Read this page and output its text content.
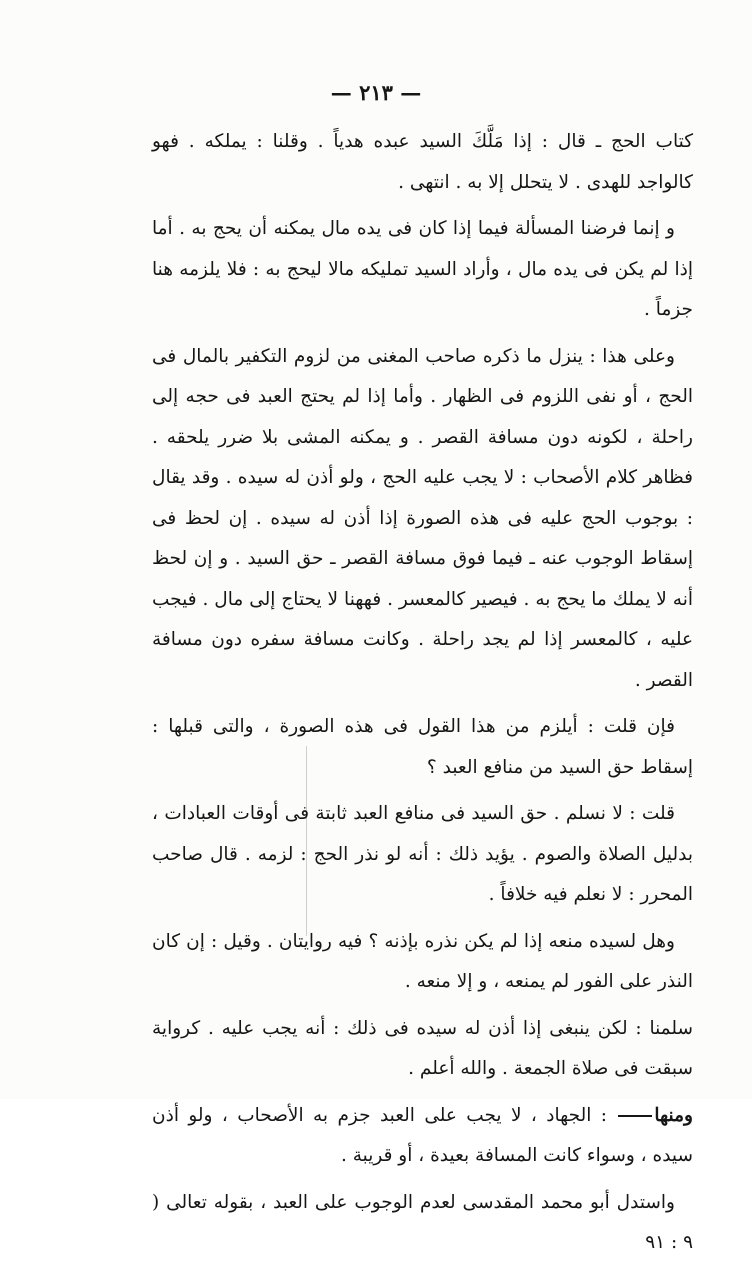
— ٢١٣ —

كتاب الحج ـ قال : إذا مَلَّكَ السيد عبده هدياً . وقلنا : يملكه . فهو كالواجد للهدى . لا يتحلل إلا به . انتهى .

و إنما فرضنا المسألة فيما إذا كان فى يده مال يمكنه أن يحج به . أما إذا لم يكن فى يده مال ، وأراد السيد تمليكه مالا ليحج به : فلا يلزمه هنا جزماً .

وعلى هذا : ينزل ما ذكره صاحب المغنى من لزوم التكفير بالمال فى الحج ، أو نفى اللزوم فى الظهار . وأما إذا لم يحتج العبد فى حجه إلى راحلة ، لكونه دون مسافة القصر . و يمكنه المشى بلا ضرر يلحقه . فظاهر كلام الأصحاب : لا يجب عليه الحج ، ولو أذن له سيده . وقد يقال : بوجوب الحج عليه فى هذه الصورة إذا أذن له سيده . إن لحظ فى إسقاط الوجوب عنه ـ فيما فوق مسافة القصر ـ حق السيد . و إن لحظ أنه لا يملك ما يحج به . فيصير كالمعسر . فههنا لا يحتاج إلى مال . فيجب عليه ، كالمعسر إذا لم يجد راحلة . وكانت مسافة سفره دون مسافة القصر .

فإن قلت : أيلزم من هذا القول فى هذه الصورة ، والتى قبلها : إسقاط حق السيد من منافع العبد ؟

قلت : لا نسلم . حق السيد فى منافع العبد ثابتة فى أوقات العبادات ، بدليل الصلاة والصوم . يؤيد ذلك : أنه لو نذر الحج : لزمه . قال صاحب المحرر : لا نعلم فيه خلافاً .

وهل لسيده منعه إذا لم يكن نذره بإذنه ؟ فيه روايتان . وقيل : إن كان النذر على الفور لم يمنعه ، و إلا منعه .

سلمنا : لكن ينبغى إذا أذن له سيده فى ذلك : أنه يجب عليه . كرواية سبقت فى صلاة الجمعة . والله أعلم .

ومنها : الجهاد ، لا يجب على العبد جزم به الأصحاب ، ولو أذن سيده ، وسواء كانت المسافة بعيدة ، أو قريبة .

واستدل أبو محمد المقدسى لعدم الوجوب على العبد ، بقوله تعالى ( ٩ : ٩١
